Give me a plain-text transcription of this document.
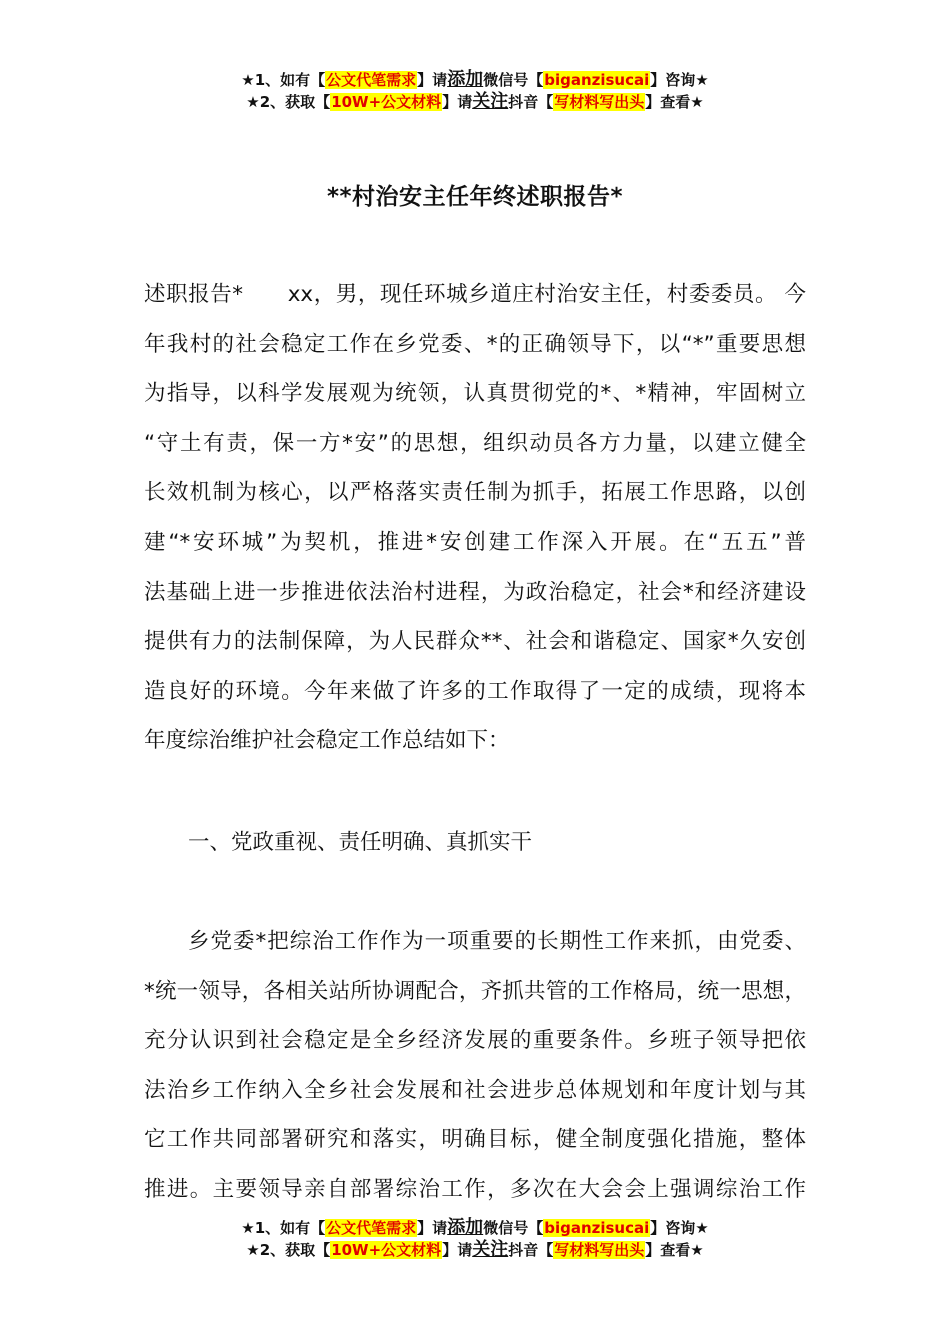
★1、如有【公文代笔需求】请添加微信号【biganzisucai】咨询★
★2、获取【10W+公文材料】请关注抖音【写材料写出头】查看★
**村治安主任年终述职报告*
述职报告*　　xx，男，现任环城乡道庄村治安主任，村委委员。 今
年我村的社会稳定工作在乡党委、*的正确领导下，以“*”重要思想
为指导，以科学发展观为统领，认真贯彻党的*、*精神，牢固树立
“守土有责，保一方*安”的思想，组织动员各方力量，以建立健全
长效机制为核心，以严格落实责任制为抓手，拓展工作思路，以创
建“*安环城”为契机，推进*安创建工作深入开展。在“五五”普
法基础上进一步推进依法治村进程，为政治稳定，社会*和经济建设
提供有力的法制保障，为人民群众**、社会和谐稳定、国家*久安创
造良好的环境。今年来做了许多的工作取得了一定的成绩，现将本
年度综治维护社会稳定工作总结如下：
一、党政重视、责任明确、真抓实干
乡党委*把综治工作作为一项重要的长期性工作来抓，由党委、
*统一领导，各相关站所协调配合，齐抓共管的工作格局，统一思想，
充分认识到社会稳定是全乡经济发展的重要条件。乡班子领导把依
法治乡工作纳入全乡社会发展和社会进步总体规划和年度计划与其
它工作共同部署研究和落实，明确目标，健全制度强化措施，整体
推进。主要领导亲自部署综治工作，多次在大会会上强调综治工作
★1、如有【公文代笔需求】请添加微信号【biganzisucai】咨询★
★2、获取【10W+公文材料】请关注抖音【写材料写出头】查看★
